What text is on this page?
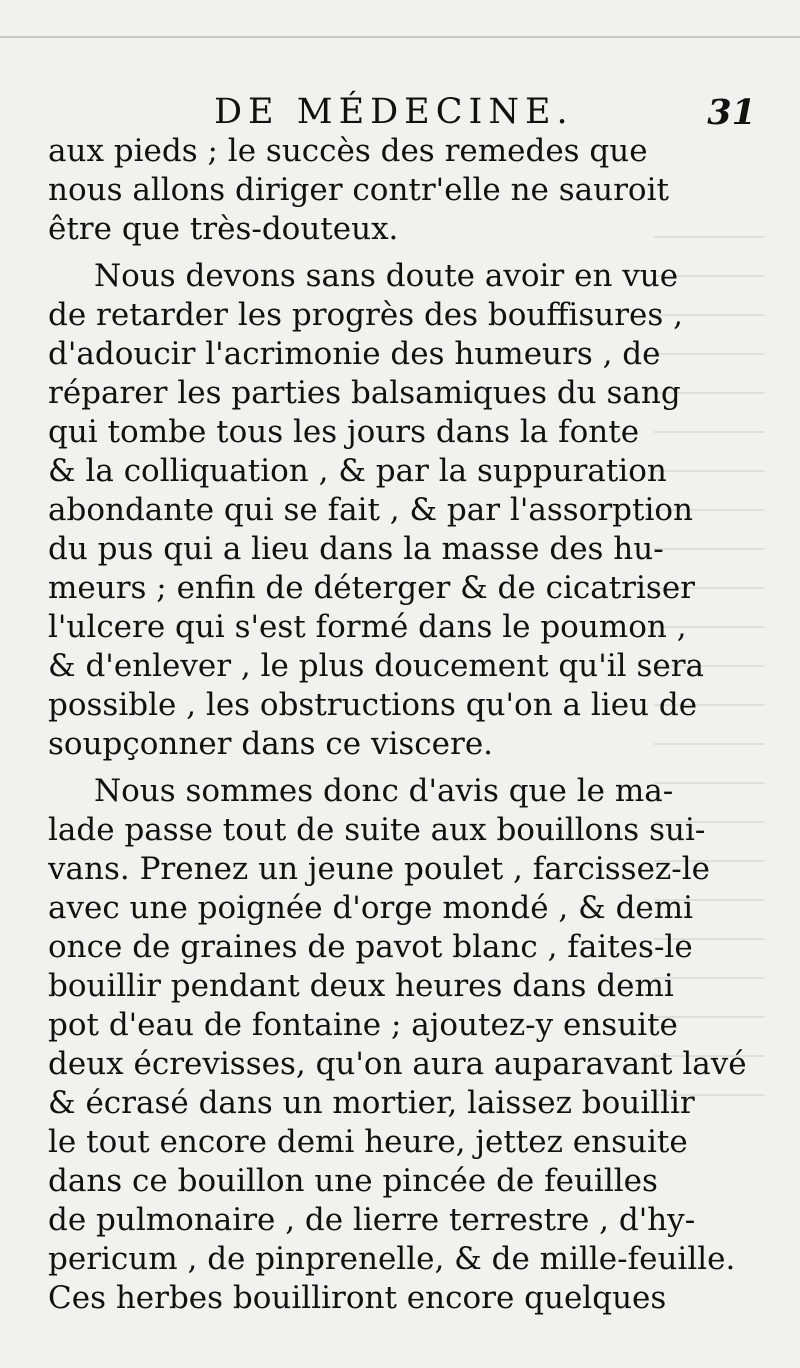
DE MÉDECINE.	31
aux pieds ; le succès des remedes que
nous allons diriger contr'elle ne sauroit
être que très-douteux.
Nous devons sans doute avoir en vue
de retarder les progrès des bouffisures ,
d'adoucir l'acrimonie des humeurs , de
réparer les parties balsamiques du sang
qui tombe tous les jours dans la fonte
& la colliquation , & par la suppuration
abondante qui se fait , & par l'assorption
du pus qui a lieu dans la masse des hu-
meurs ; enfin de déterger & de cicatriser
l'ulcere qui s'est formé dans le poumon ,
& d'enlever , le plus doucement qu'il sera
possible , les obstructions qu'on a lieu de
soupçonner dans ce viscere.
Nous sommes donc d'avis que le ma-
lade passe tout de suite aux bouillons sui-
vans. Prenez un jeune poulet , farcissez-le
avec une poignée d'orge mondé , & demi
once de graines de pavot blanc , faites-le
bouillir pendant deux heures dans demi
pot d'eau de fontaine ; ajoutez-y ensuite
deux écrevisses, qu'on aura auparavant lavé
& écrasé dans un mortier, laissez bouillir
le tout encore demi heure, jettez ensuite
dans ce bouillon une pincée de feuilles
de pulmonaire , de lierre terrestre , d'hy-
pericum , de pinprenelle, & de mille-feuille.
Ces herbes bouilliront encore quelques
